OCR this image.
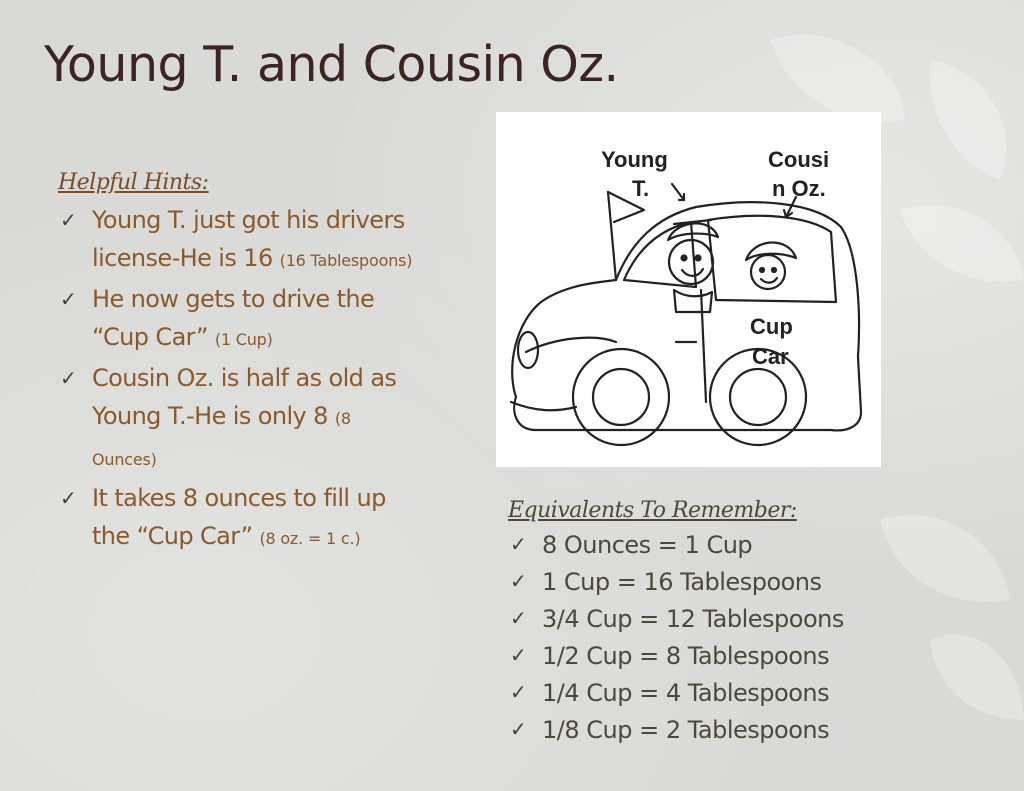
Young T. and Cousin Oz.
Helpful Hints:
✓ Young T. just got his drivers license-He is 16 (16 Tablespoons)
✓ He now gets to drive the “Cup Car” (1 Cup)
✓ Cousin Oz. is half as old as Young T.-He is only 8 (8 Ounces)
✓ It takes 8 ounces to fill up the “Cup Car” (8 oz. = 1 c.)
Young
T.
Cousi
n Oz.
Cup
Car
Equivalents To Remember:
✓ 8 Ounces = 1 Cup
✓ 1 Cup = 16 Tablespoons
✓ 3/4 Cup = 12 Tablespoons
✓ 1/2 Cup = 8 Tablespoons
✓ 1/4 Cup = 4 Tablespoons
✓ 1/8 Cup = 2 Tablespoons
